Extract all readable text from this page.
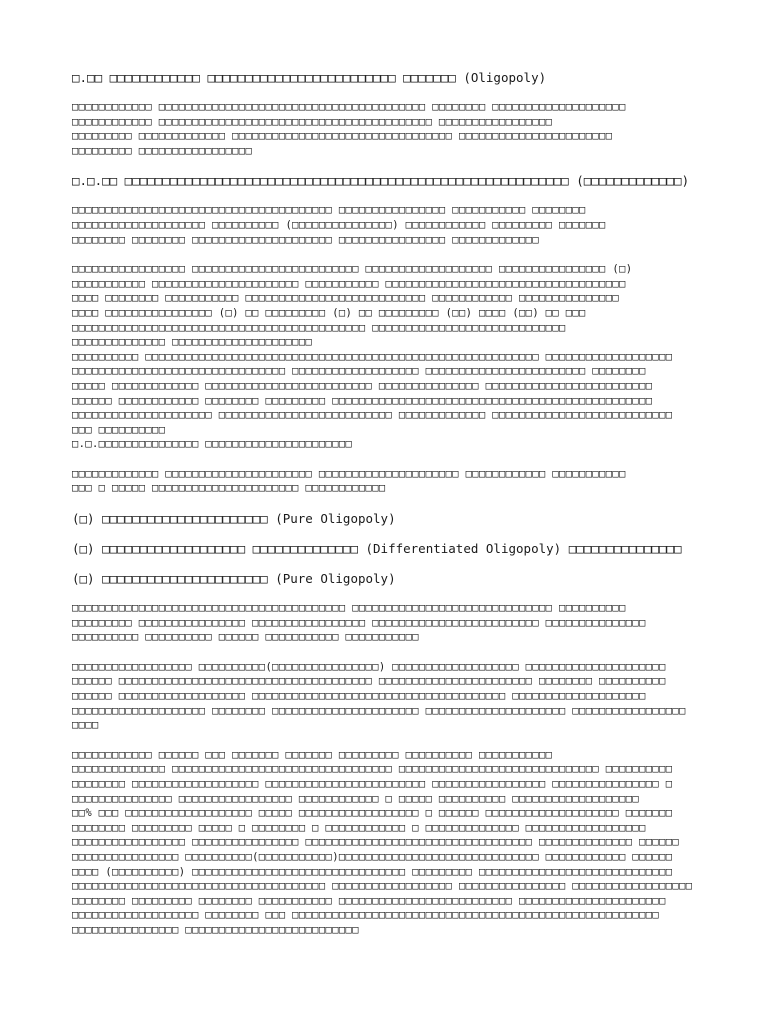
□.□□ □□□□□□□□□□□□ □□□□□□□□□□□□□□□□□□□□□□□□□ □□□□□□□ (Oligopoly)

□□□□□□□□□□□□ □□□□□□□□□□□□□□□□□□□□□□□□□□□□□□□□□□□□□□□□ □□□□□□□□ □□□□□□□□□□□□□□□□□□□□

□□□□□□□□□□□□ □□□□□□□□□□□□□□□□□□□□□□□□□□□□□□□□□□□□□□□□□ □□□□□□□□□□□□□□□□□

□□□□□□□□□ □□□□□□□□□□□□□ □□□□□□□□□□□□□□□□□□□□□□□□□□□□□□□□□ □□□□□□□□□□□□□□□□□□□□□□□

□□□□□□□□□ □□□□□□□□□□□□□□□□□

□.□.□□ □□□□□□□□□□□□□□□□□□□□□□□□□□□□□□□□□□□□□□□□□□□□□□□□□□□□□□□□□□□ (□□□□□□□□□□□□□)

□□□□□□□□□□□□□□□□□□□□□□□□□□□□□□□□□□□□□□□ □□□□□□□□□□□□□□□□ □□□□□□□□□□□ □□□□□□□□

□□□□□□□□□□□□□□□□□□□□ □□□□□□□□□□ (□□□□□□□□□□□□□□□) □□□□□□□□□□□□ □□□□□□□□□ □□□□□□□

□□□□□□□□ □□□□□□□□ □□□□□□□□□□□□□□□□□□□□□ □□□□□□□□□□□□□□□□ □□□□□□□□□□□□□

□□□□□□□□□□□□□□□□□ □□□□□□□□□□□□□□□□□□□□□□□□□ □□□□□□□□□□□□□□□□□□□ □□□□□□□□□□□□□□□□ (□)

□□□□□□□□□□□ □□□□□□□□□□□□□□□□□□□□□□ □□□□□□□□□□□ □□□□□□□□□□□□□□□□□□□□□□□□□□□□□□□□□□□□

□□□□ □□□□□□□□ □□□□□□□□□□□ □□□□□□□□□□□□□□□□□□□□□□□□□□□ □□□□□□□□□□□□ □□□□□□□□□□□□□□□

□□□□ □□□□□□□□□□□□□□□□ (□) □□ □□□□□□□□□ (□) □□ □□□□□□□□□ (□□) □□□□ (□□) □□ □□□

□□□□□□□□□□□□□□□□□□□□□□□□□□□□□□□□□□□□□□□□□□□□ □□□□□□□□□□□□□□□□□□□□□□□□□□□□□

□□□□□□□□□□□□□□ □□□□□□□□□□□□□□□□□□□□□

□□□□□□□□□□ □□□□□□□□□□□□□□□□□□□□□□□□□□□□□□□□□□□□□□□□□□□□□□□□□□□□□□□□□□□ □□□□□□□□□□□□□□□□□□□

□□□□□□□□□□□□□□□□□□□□□□□□□□□□□□□□ □□□□□□□□□□□□□□□□□□□ □□□□□□□□□□□□□□□□□□□□□□□□ □□□□□□□□

□□□□□ □□□□□□□□□□□□□ □□□□□□□□□□□□□□□□□□□□□□□□□ □□□□□□□□□□□□□□□ □□□□□□□□□□□□□□□□□□□□□□□□□

□□□□□□ □□□□□□□□□□□□ □□□□□□□□ □□□□□□□□□ □□□□□□□□□□□□□□□□□□□□□□□□□□□□□□□□□□□□□□□□□□□□□□□□

□□□□□□□□□□□□□□□□□□□□□ □□□□□□□□□□□□□□□□□□□□□□□□□□ □□□□□□□□□□□□□ □□□□□□□□□□□□□□□□□□□□□□□□□□□

□□□ □□□□□□□□□□

□.□.□□□□□□□□□□□□□□□ □□□□□□□□□□□□□□□□□□□□□□

□□□□□□□□□□□□□ □□□□□□□□□□□□□□□□□□□□□□ □□□□□□□□□□□□□□□□□□□□□ □□□□□□□□□□□□ □□□□□□□□□□□

□□□ □ □□□□□ □□□□□□□□□□□□□□□□□□□□□□ □□□□□□□□□□□□

(□) □□□□□□□□□□□□□□□□□□□□□□ (Pure Oligopoly)

(□) □□□□□□□□□□□□□□□□□□□ □□□□□□□□□□□□□□ (Differentiated Oligopoly) □□□□□□□□□□□□□□□

(□) □□□□□□□□□□□□□□□□□□□□□□ (Pure Oligopoly)

□□□□□□□□□□□□□□□□□□□□□□□□□□□□□□□□□□□□□□□□□ □□□□□□□□□□□□□□□□□□□□□□□□□□□□□□ □□□□□□□□□□

□□□□□□□□□ □□□□□□□□□□□□□□□□ □□□□□□□□□□□□□□□□□ □□□□□□□□□□□□□□□□□□□□□□□□□ □□□□□□□□□□□□□□□

□□□□□□□□□□ □□□□□□□□□□ □□□□□□ □□□□□□□□□□□ □□□□□□□□□□□

□□□□□□□□□□□□□□□□□□ □□□□□□□□□□(□□□□□□□□□□□□□□□□) □□□□□□□□□□□□□□□□□□□ □□□□□□□□□□□□□□□□□□□□□

□□□□□□ □□□□□□□□□□□□□□□□□□□□□□□□□□□□□□□□□□□□□□ □□□□□□□□□□□□□□□□□□□□□□□ □□□□□□□□ □□□□□□□□□□

□□□□□□ □□□□□□□□□□□□□□□□□□□ □□□□□□□□□□□□□□□□□□□□□□□□□□□□□□□□□□□□□□ □□□□□□□□□□□□□□□□□□□□

□□□□□□□□□□□□□□□□□□□□ □□□□□□□□ □□□□□□□□□□□□□□□□□□□□□□ □□□□□□□□□□□□□□□□□□□□□ □□□□□□□□□□□□□□□□□

□□□□

□□□□□□□□□□□□ □□□□□□ □□□ □□□□□□□ □□□□□□□ □□□□□□□□□ □□□□□□□□□□ □□□□□□□□□□□

□□□□□□□□□□□□□□ □□□□□□□□□□□□□□□□□□□□□□□□□□□□□□□□□ □□□□□□□□□□□□□□□□□□□□□□□□□□□□□□ □□□□□□□□□□

□□□□□□□□ □□□□□□□□□□□□□□□□□□□ □□□□□□□□□□□□□□□□□□□□□□□□ □□□□□□□□□□□□□□□□□ □□□□□□□□□□□□□□□□ □

□□□□□□□□□□□□□□□ □□□□□□□□□□□□□□□□□ □□□□□□□□□□□□ □ □□□□□ □□□□□□□□□□ □□□□□□□□□□□□□□□□□□□

□□% □□□ □□□□□□□□□□□□□□□□□□□ □□□□□ □□□□□□□□□□□□□□□□□□ □ □□□□□□ □□□□□□□□□□□□□□□□□□□□ □□□□□□□

□□□□□□□□ □□□□□□□□□ □□□□□ □ □□□□□□□□ □ □□□□□□□□□□□□ □ □□□□□□□□□□□□□□ □□□□□□□□□□□□□□□□□□

□□□□□□□□□□□□□□□□□ □□□□□□□□□□□□□□□□ □□□□□□□□□□□□□□□□□□□□□□□□□□□□□□□□□□ □□□□□□□□□□□□□□ □□□□□□

□□□□□□□□□□□□□□□□ □□□□□□□□□□(□□□□□□□□□□□)□□□□□□□□□□□□□□□□□□□□□□□□□□□□□□ □□□□□□□□□□□□ □□□□□□

□□□□ (□□□□□□□□□□) □□□□□□□□□□□□□□□□□□□□□□□□□□□□□□□□ □□□□□□□□□ □□□□□□□□□□□□□□□□□□□□□□□□□□□□□

□□□□□□□□□□□□□□□□□□□□□□□□□□□□□□□□□□□□□□ □□□□□□□□□□□□□□□□□□ □□□□□□□□□□□□□□□□ □□□□□□□□□□□□□□□□□□

□□□□□□□□ □□□□□□□□□ □□□□□□□□ □□□□□□□□□□□ □□□□□□□□□□□□□□□□□□□□□□□□□□ □□□□□□□□□□□□□□□□□□□□□□

□□□□□□□□□□□□□□□□□□□ □□□□□□□□ □□□ □□□□□□□□□□□□□□□□□□□□□□□□□□□□□□□□□□□□□□□□□□□□□□□□□□□□□□□

□□□□□□□□□□□□□□□□ □□□□□□□□□□□□□□□□□□□□□□□□□□
